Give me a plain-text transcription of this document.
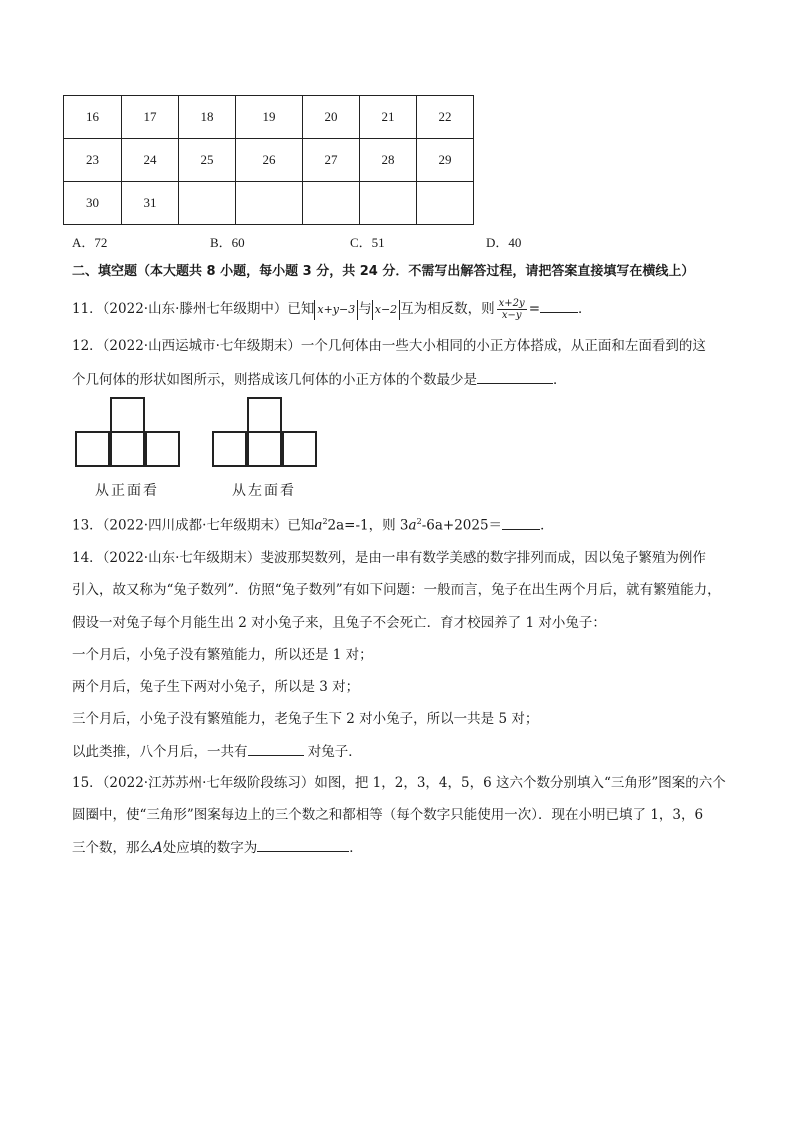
16	17	18	19	20	21	22
23	24	25	26	27	28	29
30	31					
A．72	B．60	C．51	D．40
二、填空题（本大题共 8 小题，每小题 3 分，共 24 分．不需写出解答过程，请把答案直接填写在横线上）
11．（2022·山东·滕州七年级期中）已知 x+y−3 与 x−2 互为相反数，则 $\frac{x+2y}{x-y}$ =	．
12．（2022·山西运城市·七年级期末）一个几何体由一些大小相同的小正方体搭成，从正面和左面看到的这
个几何体的形状如图所示，则搭成该几何体的小正方体的个数最少是	．
从正面看	从左面看
13．（2022·四川成都·七年级期末）已知$a^22a=-1$，则 $3a^2-6a+2025=$	．
14．（2022·山东·七年级期末）斐波那契数列，是由一串有数学美感的数字排列而成，因以兔子繁殖为例作
引入，故又称为“兔子数列”．仿照“兔子数列”有如下问题：一般而言，兔子在出生两个月后，就有繁殖能力，
假设一对兔子每个月能生出 2 对小兔子来，且兔子不会死亡．育才校园养了 1 对小兔子：
一个月后，小兔子没有繁殖能力，所以还是 1 对；
两个月后，兔子生下两对小兔子，所以是 3 对；
三个月后，小兔子没有繁殖能力，老兔子生下 2 对小兔子，所以一共是 5 对；
以此类推，八个月后，一共有	对兔子．
15．（2022·江苏苏州·七年级阶段练习）如图，把 1，2，3，4，5，6 这六个数分别填入“三角形”图案的六个
圆圈中，使“三角形”图案每边上的三个数之和都相等（每个数字只能使用一次）．现在小明已填了 1，3，6
三个数，那么A处应填的数字为	．
